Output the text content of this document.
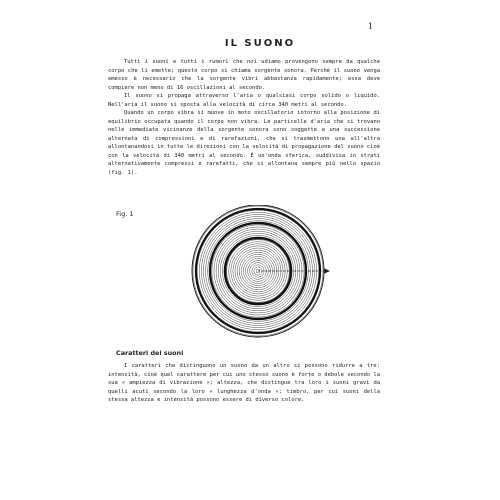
1
IL SUONO

Tutti i suoni e tutti i rumori che noi udiamo provengono sempre da qualche corpo che li emette; questo corpo si chiama sorgente sonora. Perché il suono venga emesso è necessario che la sorgente vibri abbastanza rapidamente; essa deve compiere non meno di 16 oscillazioni al secondo.

Il suono si propaga attraverso l'aria o qualsiasi corpo solido o liquido. Nell'aria il suono si sposta alla velocità di circa 340 metri al secondo.

Quando un corpo vibra si muove in moto oscillatorio intorno alla posizione di equilibrio occupata quando il corpo non vibra. Le particelle d'aria che si trovano nelle immediate vicinanze della sorgente sonora sono soggette a una successione alternata di compressioni e di rarefazioni, che si trasmettono una all'altra allontanandosi in tutte le direzioni con la velocità di propagazione del suono cioè con la velocità di 340 metri al secondo. È un'onda sferica, suddivisa in strati alternativamente compressi e rarefatti, che si allontana sempre più nello spazio (fig. 1).

Fig. 1
Caratteri dei suoni

I caratteri che distinguono un suono da un altro si possono ridurre a tre: intensità, cioè quel carattere per cui uno stesso suono è forte o debole secondo la sua « ampiezza di vibrazione »; altezza, che distingue tra loro i suoni gravi da quelli acuti secondo la loro « lunghezza d'onda »; timbro, per cui suoni della stessa altezza e intensità possono essere di diverso colore.
